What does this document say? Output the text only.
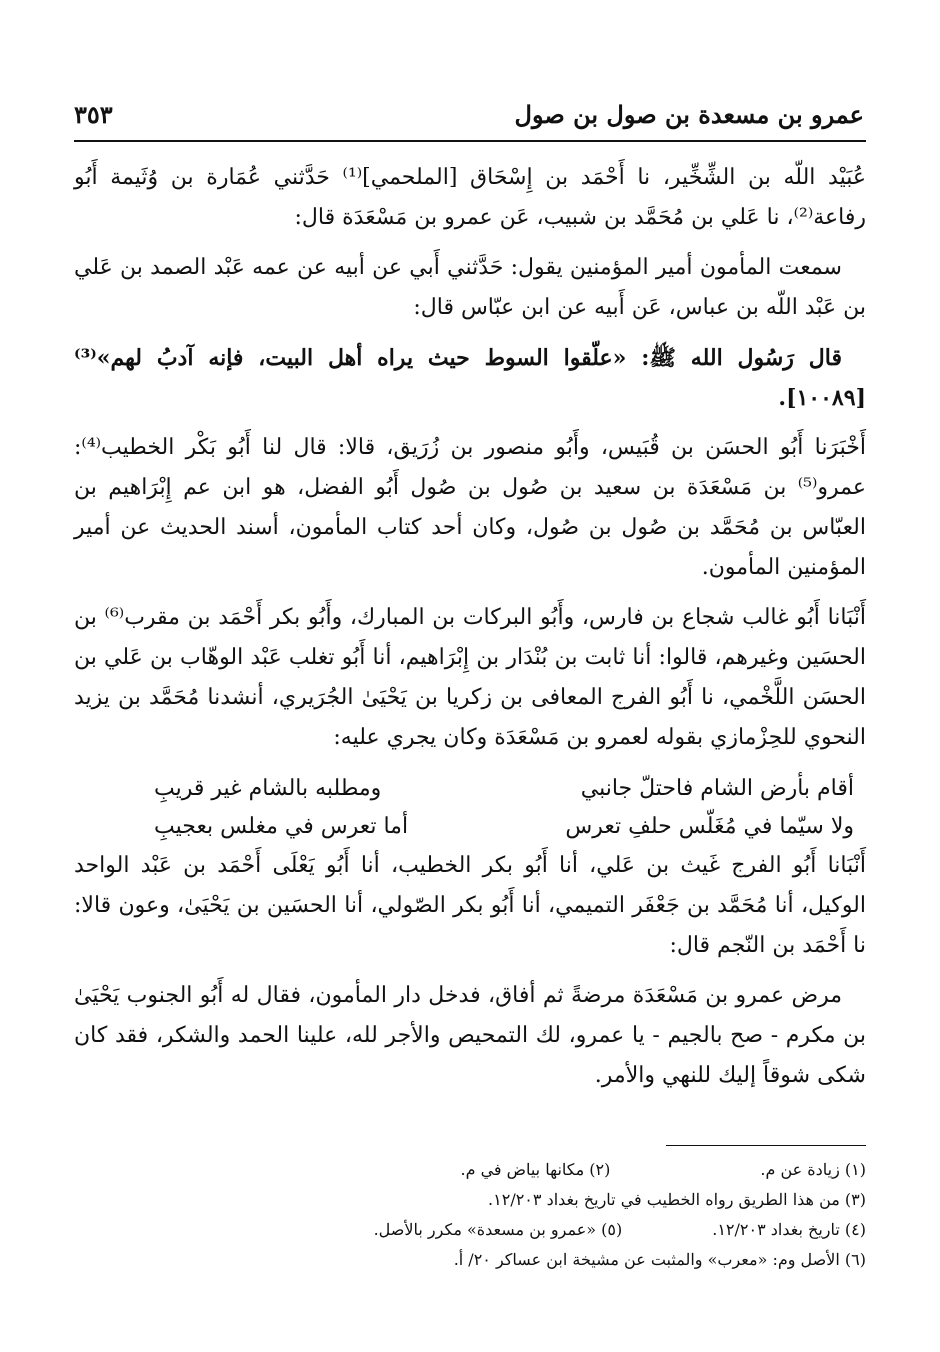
عمرو بن مسعدة بن صول بن صول
٣٥٣

عُبَيْد اللّه بن الشِّخِّير، نا أَحْمَد بن إِسْحَاق [الملحمي]⁽¹⁾ حَدَّثني عُمَارة بن وُثَيمة أَبُو رفاعة⁽²⁾، نا عَلي بن مُحَمَّد بن شبيب، عَن عمرو بن مَسْعَدَة قال:

سمعت المأمون أمير المؤمنين يقول: حَدَّثني أَبي عن أبيه عن عمه عَبْد الصمد بن عَلي بن عَبْد اللّه بن عباس، عَن أَبيه عن ابن عبّاس قال:

قال رَسُول الله ﷺ: «علّقوا السوط حيث يراه أهل البيت، فإنه آدبُ لهم»⁽³⁾[١٠٠٨٩].

أَخْبَرَنا أَبُو الحسَن بن قُبَيس، وأَبُو منصور بن زُرَيق، قالا: قال لنا أَبُو بَكْر الخطيب⁽⁴⁾: عمرو⁽⁵⁾ بن مَسْعَدَة بن سعيد بن صُول بن صُول أَبُو الفضل، هو ابن عم إِبْرَاهيم بن العبّاس بن مُحَمَّد بن صُول بن صُول، وكان أحد كتاب المأمون، أسند الحديث عن أمير المؤمنين المأمون.

أَنْبَانا أَبُو غالب شجاع بن فارس، وأَبُو البركات بن المبارك، وأَبُو بكر أَحْمَد بن مقرب⁽⁶⁾ بن الحسَين وغيرهم، قالوا: أنا ثابت بن بُنْدَار بن إِبْرَاهيم، أنا أَبُو تغلب عَبْد الوهّاب بن عَلي بن الحسَن اللَّخْمي، نا أَبُو الفرج المعافى بن زكريا بن يَحْيَىٰ الجُرَيري، أنشدنا مُحَمَّد بن يزيد النحوي للحِزْمازي بقوله لعمرو بن مَسْعَدَة وكان يجري عليه:

أقام بأرض الشام فاحتلّ جانبي
ومطلبه بالشام غير قريبِ
ولا سيّما في مُغَلّس حلفِ تعرس
أما تعرس في مغلس بعجيبِ

أَنْبَانا أَبُو الفرج غَيث بن عَلي، أنا أَبُو بكر الخطيب، أنا أَبُو يَعْلَى أَحْمَد بن عَبْد الواحد الوكيل، أنا مُحَمَّد بن جَعْفَر التميمي، أنا أَبُو بكر الصّولي، أنا الحسَين بن يَحْيَىٰ، وعون قالا: نا أَحْمَد بن النّجم قال:

مرض عمرو بن مَسْعَدَة مرضةً ثم أفاق، فدخل دار المأمون، فقال له أَبُو الجنوب يَحْيَىٰ بن مكرم - صح بالجيم - يا عمرو، لك التمحيص والأجر لله، علينا الحمد والشكر، فقد كان شكى شوقاً إليك للنهي والأمر.

(١) زيادة عن م.
(٢) مكانها بياض في م.
(٣) من هذا الطريق رواه الخطيب في تاريخ بغداد ١٢/٢٠٣.
(٤) تاريخ بغداد ١٢/٢٠٣.
(٥) «عمرو بن مسعدة» مكرر بالأصل.
(٦) الأصل وم: «معرب» والمثبت عن مشيخة ابن عساكر ٢٠/ أ.
